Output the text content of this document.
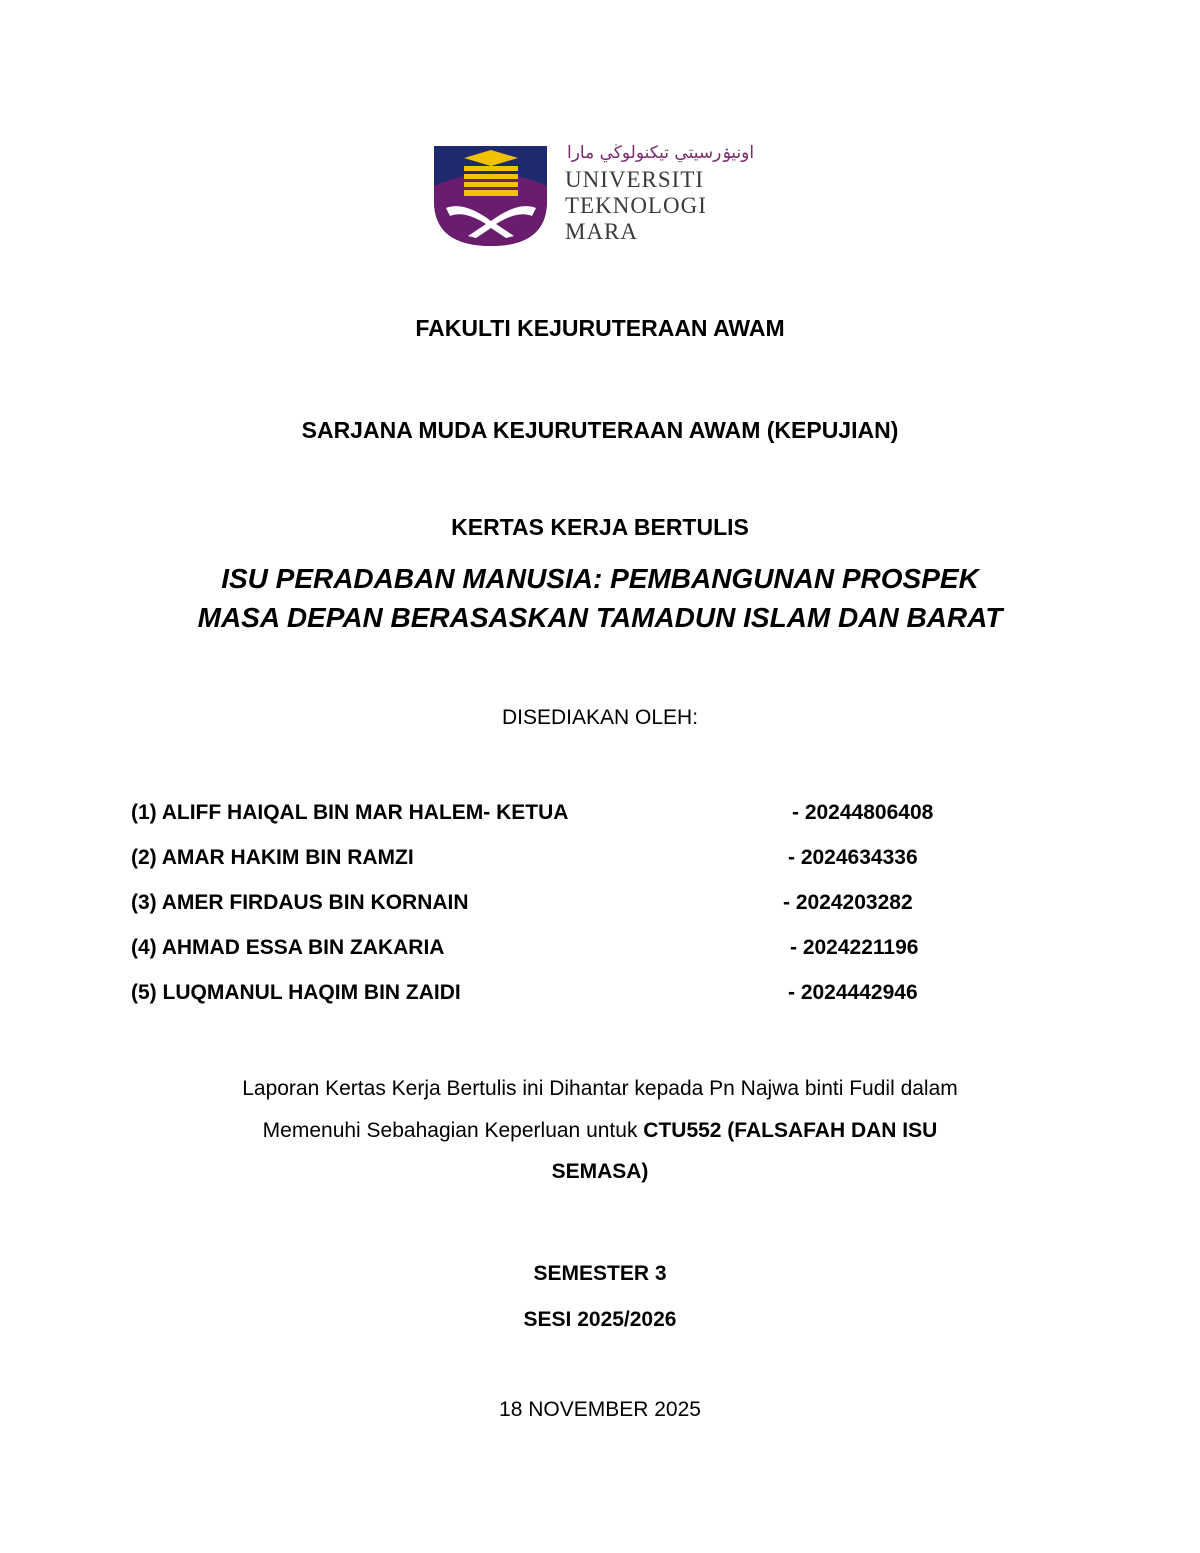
اونيۏرسيتي تيكنولوڬي مارا
UNIVERSITI
TEKNOLOGI
MARA
FAKULTI KEJURUTERAAN AWAM
SARJANA MUDA KEJURUTERAAN AWAM (KEPUJIAN)
KERTAS KERJA BERTULIS
ISU PERADABAN MANUSIA: PEMBANGUNAN PROSPEK
MASA DEPAN BERASASKAN TAMADUN ISLAM DAN BARAT
DISEDIAKAN OLEH:
(1) ALIFF HAIQAL BIN MAR HALEM- KETUA	- 20244806408
(2) AMAR HAKIM BIN RAMZI	- 2024634336
(3) AMER FIRDAUS BIN KORNAIN	- 2024203282
(4) AHMAD ESSA BIN ZAKARIA	- 2024221196
(5) LUQMANUL HAQIM BIN ZAIDI	- 2024442946
Laporan Kertas Kerja Bertulis ini Dihantar kepada Pn Najwa binti Fudil dalam
Memenuhi Sebahagian Keperluan untuk CTU552 (FALSAFAH DAN ISU
SEMASA)
SEMESTER 3
SESI 2025/2026
18 NOVEMBER 2025
